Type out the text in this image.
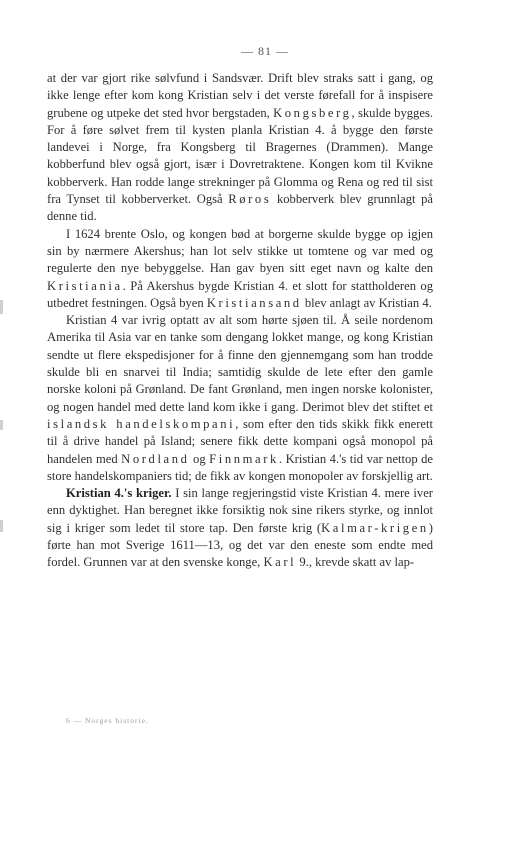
— 81 —

at der var gjort rike sølvfund i Sandsvær. Drift blev straks satt i gang, og ikke lenge efter kom kong Kristian selv i det verste førefall for å inspisere grubene og utpeke det sted hvor bergstaden, Kongsberg, skulde bygges. For å føre sølvet frem til kysten planla Kristian 4. å bygge den første landevei i Norge, fra Kongsberg til Bragernes (Drammen). Mange kobberfund blev også gjort, især i Dovretraktene. Kongen kom til Kvikne kobberverk. Han rodde lange strekninger på Glomma og Rena og red til sist fra Tynset til kobberverket. Også Røros kobberverk blev grunnlagt på denne tid.

I 1624 brente Oslo, og kongen bød at borgerne skulde bygge op igjen sin by nærmere Akershus; han lot selv stikke ut tomtene og var med og regulerte den nye bebyggelse. Han gav byen sitt eget navn og kalte den Kristiania. På Akershus bygde Kristian 4. et slott for stattholderen og utbedret festningen. Også byen Kristiansand blev anlagt av Kristian 4.

Kristian 4 var ivrig optatt av alt som hørte sjøen til. Å seile nordenom Amerika til Asia var en tanke som dengang lokket mange, og kong Kristian sendte ut flere ekspedisjoner for å finne den gjennemgang som han trodde skulde bli en snarvei til India; samtidig skulde de lete efter den gamle norske koloni på Grønland. De fant Grønland, men ingen norske kolonister, og nogen handel med dette land kom ikke i gang. Derimot blev det stiftet et islandsk handelskompani, som efter den tids skikk fikk enerett til å drive handel på Island; senere fikk dette kompani også monopol på handelen med Nordland og Finnmark. Kristian 4.'s tid var nettop de store handelskompaniers tid; de fikk av kongen monopoler av forskjellig art.

Kristian 4.'s kriger. I sin lange regjeringstid viste Kristian 4. mere iver enn dyktighet. Han beregnet ikke forsiktig nok sine rikers styrke, og innlot sig i kriger som ledet til store tap. Den første krig (Kalmar-krigen) førte han mot Sverige 1611—13, og det var den eneste som endte med fordel. Grunnen var at den svenske konge, Karl 9., krevde skatt av lap-

6 — Norges historie.
